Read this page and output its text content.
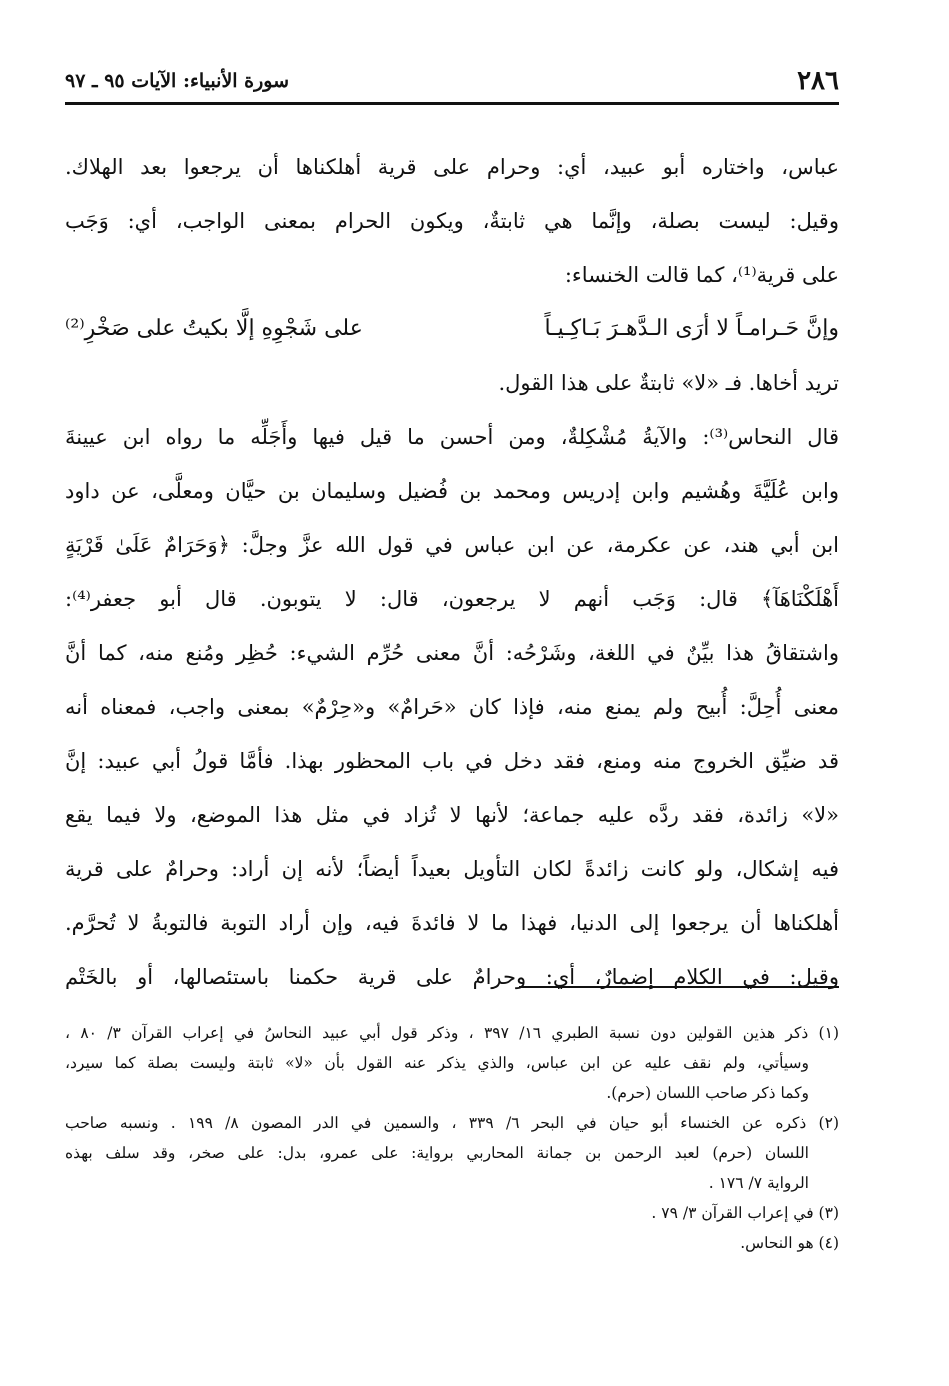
٢٨٦
سورة الأنبياء: الآيات ٩٥ ـ ٩٧
عباس، واختاره أبو عبيد، أي: وحرام على قرية أهلكناها أن يرجعوا بعد الهلاك.
وقيل: ليست بصلة، وإنَّما هي ثابتةٌ، ويكون الحرام بمعنى الواجب، أي: وَجَب
على قرية⁽¹⁾، كما قالت الخنساء:
وإنَّ حَـرامـاً لا أرَى الـدَّهـرَ بَـاكِـيـاً
على شَجْوِهِ إلَّا بكيتُ على صَخْرِ⁽²⁾
تريد أخاها. فـ «لا» ثابتةٌ على هذا القول.
قال النحاس⁽³⁾: والآيةُ مُشْكِلةٌ، ومن أحسن ما قيل فيها وأَجَلِّه ما رواه ابن عيينةَ
وابن عُلَيَّةَ وهُشيم وابن إدريس ومحمد بن فُضيل وسليمان بن حيَّان ومعلَّى، عن داود
ابن أبي هند، عن عكرمة، عن ابن عباس في قول الله عزَّ وجلَّ: ﴿وَحَرَامٌ عَلَىٰ قَرْيَةٍ
أَهْلَكْنَاهَآ﴾ قال: وَجَب أنهم لا يرجعون، قال: لا يتوبون. قال أبو جعفر⁽⁴⁾:
واشتقاقُ هذا بيِّنٌ في اللغة، وشَرْحُه: أنَّ معنى حُرِّم الشيء: حُظِر ومُنع منه، كما أنَّ
معنى أُحِلَّ: أُبيح ولم يمنع منه، فإذا كان «حَرامٌ» و«حِرْمٌ» بمعنى واجب، فمعناه أنه
قد ضيِّق الخروج منه ومنع، فقد دخل في باب المحظور بهذا. فأمَّا قولُ أبي عبيد: إنَّ
«لا» زائدة، فقد ردَّه عليه جماعة؛ لأنها لا تُزاد في مثل هذا الموضع، ولا فيما يقع
فيه إشكال، ولو كانت زائدةً لكان التأويل بعيداً أيضاً؛ لأنه إن أراد: وحرامٌ على قرية
أهلكناها أن يرجعوا إلى الدنيا، فهذا ما لا فائدةَ فيه، وإن أراد التوبة فالتوبةُ لا تُحرَّم.
وقيل: في الكلام إضمارٌ، أي: وحرامٌ على قرية حكمنا باستئصالها، أو بالخَتْم
(١) ذكر هذين القولين دون نسبة الطبري ١٦/ ٣٩٧ ، وذكر قول أبي عبيد النحاسُ في إعراب القرآن ٣/ ٨٠ ،
وسيأتي، ولم نقف عليه عن ابن عباس، والذي يذكر عنه القول بأن «لا» ثابتة وليست بصلة كما سيرد،
وكما ذكر صاحب اللسان (حرم).
(٢) ذكره عن الخنساء أبو حيان في البحر ٦/ ٣٣٩ ، والسمين في الدر المصون ٨/ ١٩٩ . ونسبه صاحب
اللسان (حرم) لعبد الرحمن بن جمانة المحاربي برواية: على عمرو، بدل: على صخر، وقد سلف بهذه
الرواية ٧/ ١٧٦ .
(٣) في إعراب القرآن ٣/ ٧٩ .
(٤) هو النحاس.
